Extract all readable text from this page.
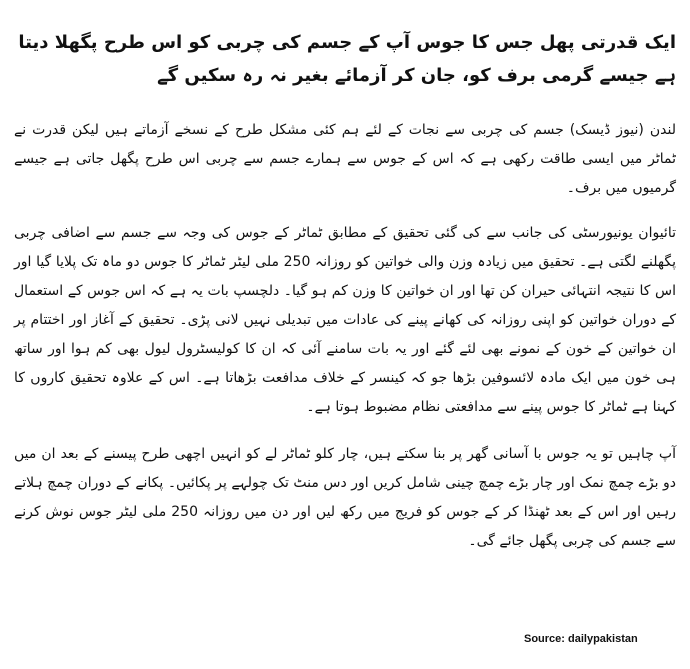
ایک قدرتی پھل جس کا جوس آپ کے جسم کی چربی کو اس طرح پگھلا دیتا ہے جیسے گرمی برف کو، جان کر آزمائے بغیر نہ رہ سکیں گے

لندن (نیوز ڈیسک) جسم کی چربی سے نجات کے لئے ہم کئی مشکل طرح کے نسخے آزماتے ہیں لیکن قدرت نے ٹماٹر میں ایسی طاقت رکھی ہے کہ اس کے جوس سے ہمارے جسم سے چربی اس طرح پگھل جاتی ہے جیسے گرمیوں میں برف۔

تائیوان یونیورسٹی کی جانب سے کی گئی تحقیق کے مطابق ٹماٹر کے جوس کی وجہ سے جسم سے اضافی چربی پگھلنے لگتی ہے۔ تحقیق میں زیادہ وزن والی خواتین کو روزانہ 250 ملی لیٹر ٹماٹر کا جوس دو ماہ تک پلایا گیا اور اس کا نتیجہ انتہائی حیران کن تھا اور ان خواتین کا وزن کم ہو گیا۔ دلچسپ بات یہ ہے کہ اس جوس کے استعمال کے دوران خواتین کو اپنی روزانہ کی کھانے پینے کی عادات میں تبدیلی نہیں لانی پڑی۔ تحقیق کے آغاز اور اختتام پر ان خواتین کے خون کے نمونے بھی لئے گئے اور یہ بات سامنے آئی کہ ان کا کولیسٹرول لیول بھی کم ہوا اور ساتھ ہی خون میں ایک مادہ لائسوفین بڑھا جو کہ کینسر کے خلاف مدافعت بڑھاتا ہے۔ اس کے علاوہ تحقیق کاروں کا کہنا ہے ٹماٹر کا جوس پینے سے مدافعتی نظام مضبوط ہوتا ہے۔

آپ چاہیں تو یہ جوس با آسانی گھر پر بنا سکتے ہیں، چار کلو ٹماٹر لے کو انہیں اچھی طرح پیسنے کے بعد ان میں دو بڑے چمچ نمک اور چار بڑے چمچ چینی شامل کریں اور دس منٹ تک چولہے پر پکائیں۔ پکانے کے دوران چمچ ہلاتے رہیں اور اس کے بعد ٹھنڈا کر کے جوس کو فریج میں رکھ لیں اور دن میں روزانہ 250 ملی لیٹر جوس نوش کرنے سے جسم کی چربی پگھل جائے گی۔

Source: dailypakistan
